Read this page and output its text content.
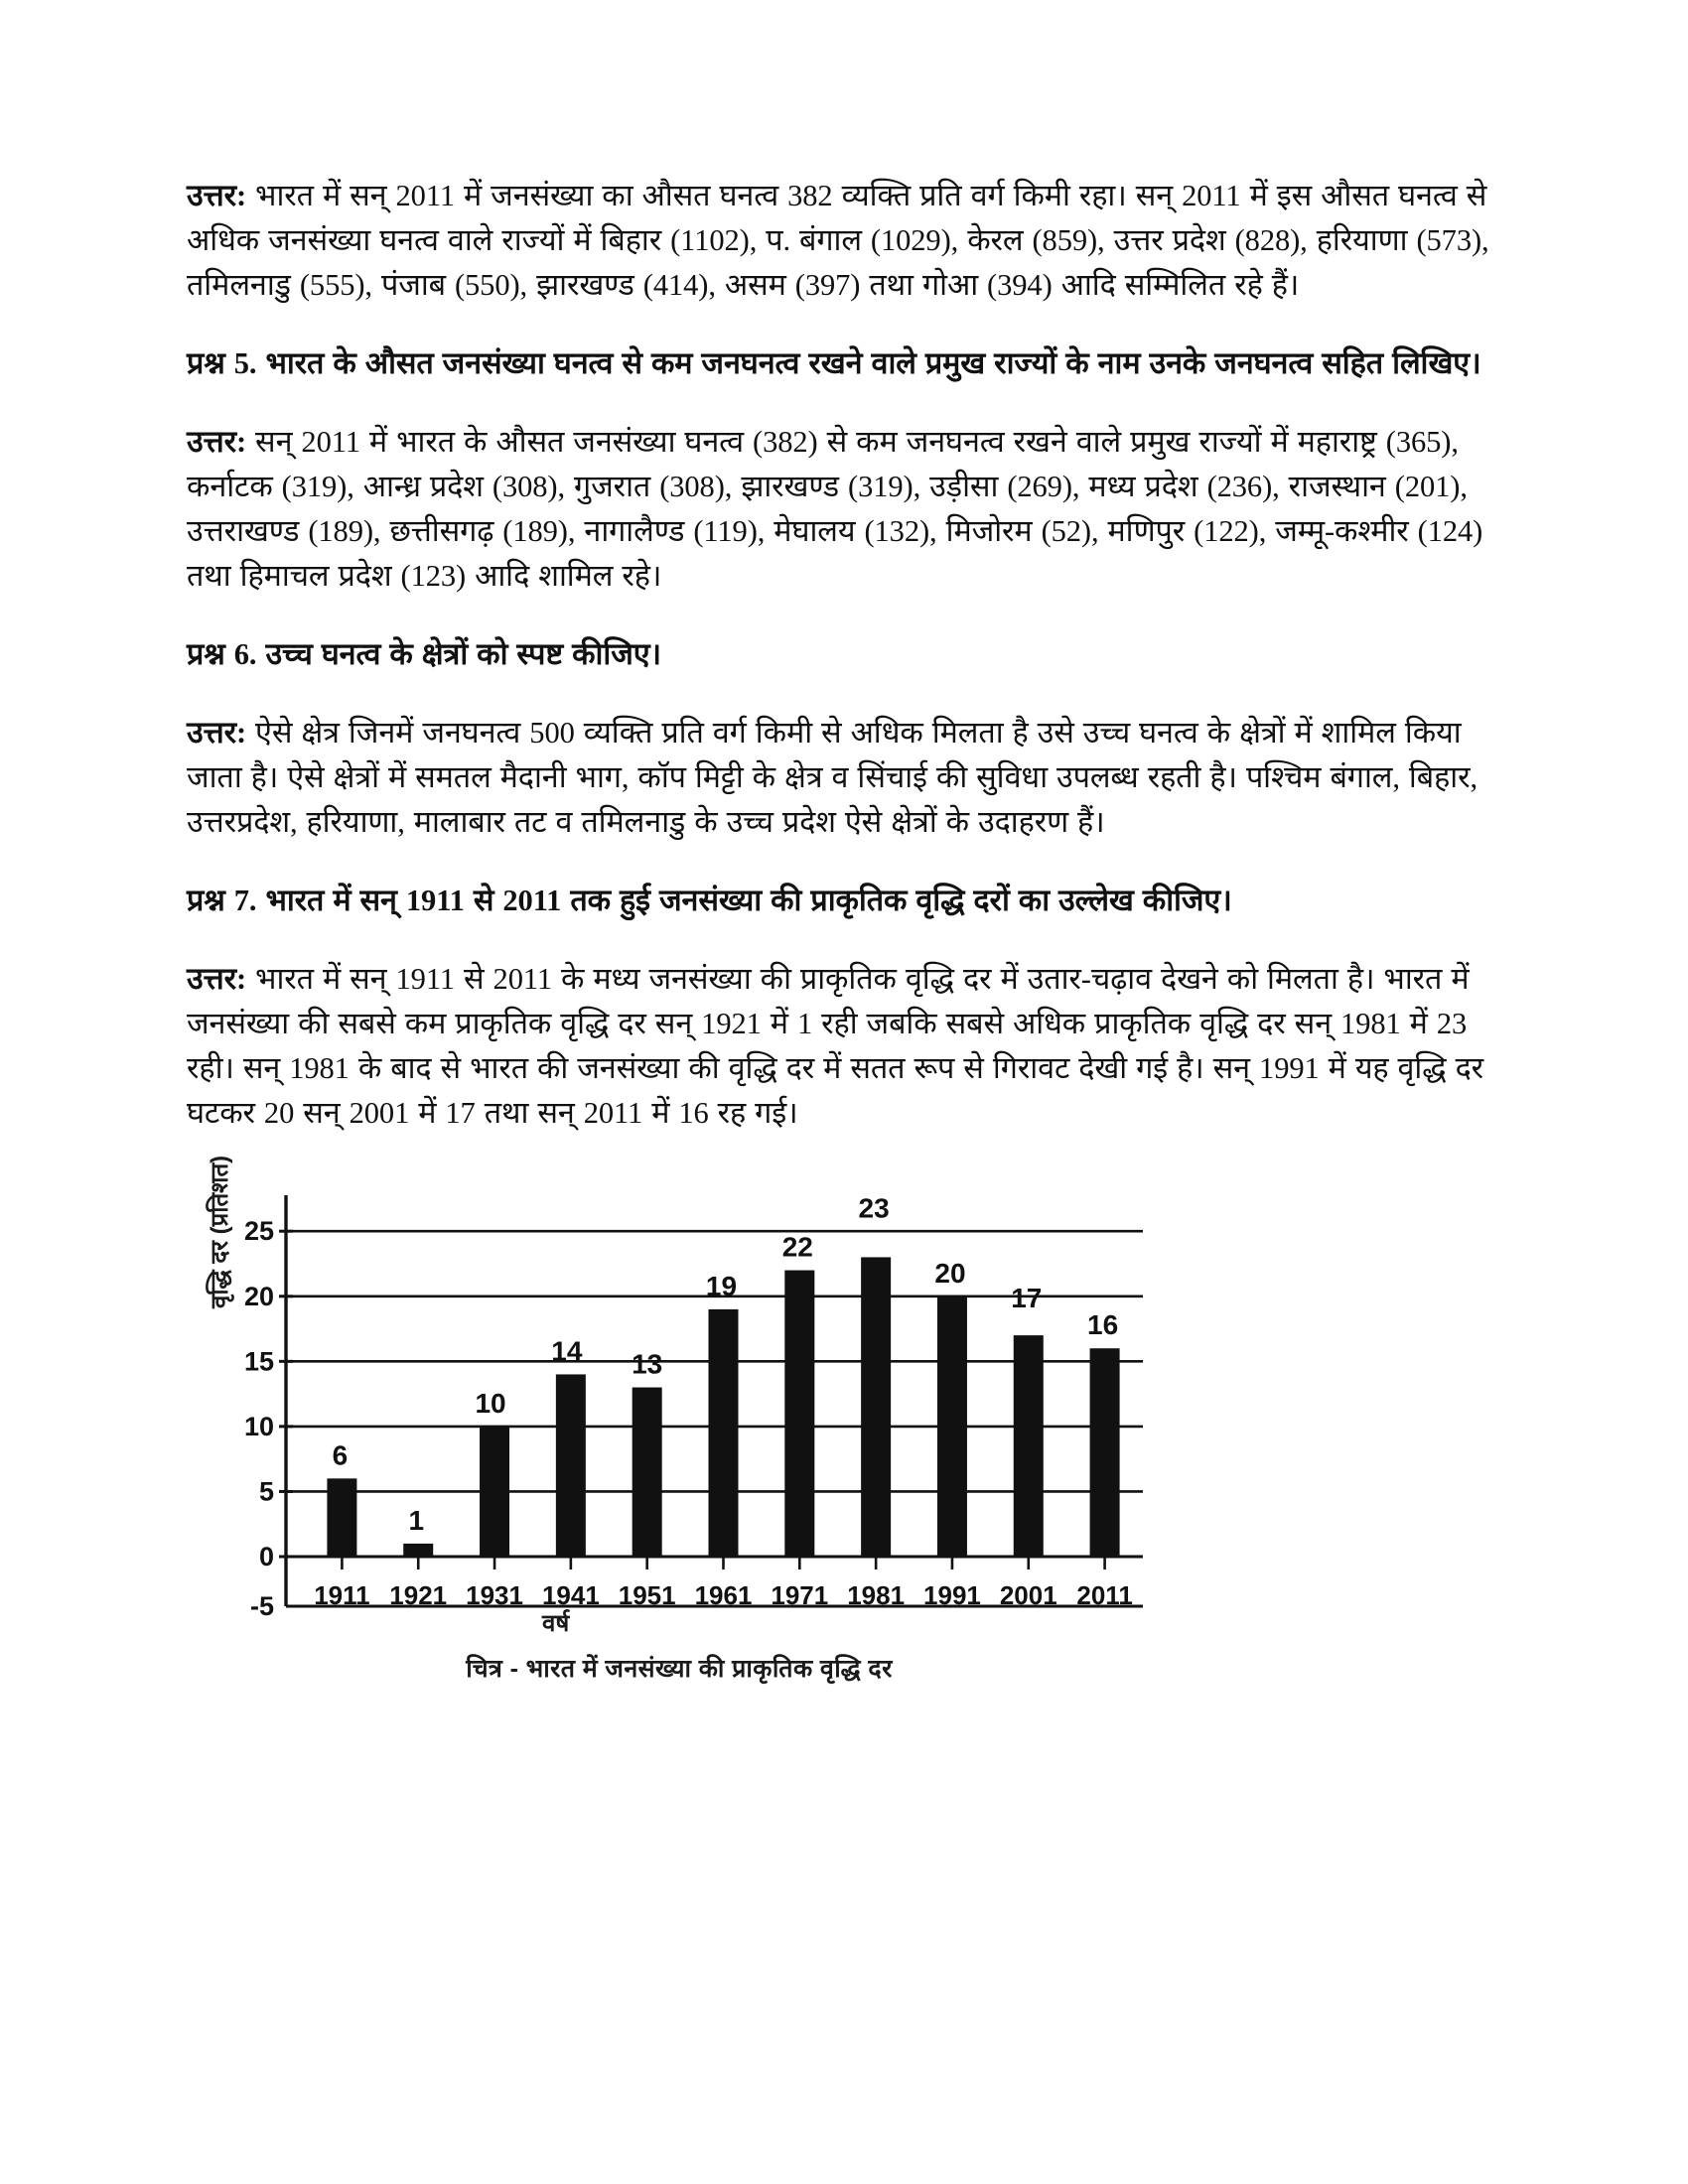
उत्तर: भारत में सन् 2011 में जनसंख्या का औसत घनत्व 382 व्यक्ति प्रति वर्ग किमी रहा। सन् 2011 में इस औसत घनत्व से अधिक जनसंख्या घनत्व वाले राज्यों में बिहार (1102), प. बंगाल (1029), केरल (859), उत्तर प्रदेश (828), हरियाणा (573), तमिलनाडु (555), पंजाब (550), झारखण्ड (414), असम (397) तथा गोआ (394) आदि सम्मिलित रहे हैं।

प्रश्न 5. भारत के औसत जनसंख्या घनत्व से कम जनघनत्व रखने वाले प्रमुख राज्यों के नाम उनके जनघनत्व सहित लिखिए।

उत्तर: सन् 2011 में भारत के औसत जनसंख्या घनत्व (382) से कम जनघनत्व रखने वाले प्रमुख राज्यों में महाराष्ट्र (365), कर्नाटक (319), आन्ध्र प्रदेश (308), गुजरात (308), झारखण्ड (319), उड़ीसा (269), मध्य प्रदेश (236), राजस्थान (201), उत्तराखण्ड (189), छत्तीसगढ़ (189), नागालैण्ड (119), मेघालय (132), मिजोरम (52), मणिपुर (122), जम्मू-कश्मीर (124) तथा हिमाचल प्रदेश (123) आदि शामिल रहे।

प्रश्न 6. उच्च घनत्व के क्षेत्रों को स्पष्ट कीजिए।

उत्तर: ऐसे क्षेत्र जिनमें जनघनत्व 500 व्यक्ति प्रति वर्ग किमी से अधिक मिलता है उसे उच्च घनत्व के क्षेत्रों में शामिल किया जाता है। ऐसे क्षेत्रों में समतल मैदानी भाग, कॉप मिट्टी के क्षेत्र व सिंचाई की सुविधा उपलब्ध रहती है। पश्चिम बंगाल, बिहार, उत्तरप्रदेश, हरियाणा, मालाबार तट व तमिलनाडु के उच्च प्रदेश ऐसे क्षेत्रों के उदाहरण हैं।

प्रश्न 7. भारत में सन् 1911 से 2011 तक हुई जनसंख्या की प्राकृतिक वृद्धि दरों का उल्लेख कीजिए।

उत्तर: भारत में सन् 1911 से 2011 के मध्य जनसंख्या की प्राकृतिक वृद्धि दर में उतार-चढ़ाव देखने को मिलता है। भारत में जनसंख्या की सबसे कम प्राकृतिक वृद्धि दर सन् 1921 में 1 रही जबकि सबसे अधिक प्राकृतिक वृद्धि दर सन् 1981 में 23 रही। सन् 1981 के बाद से भारत की जनसंख्या की वृद्धि दर में सतत रूप से गिरावट देखी गई है। सन् 1991 में यह वृद्धि दर घटकर 20 सन् 2001 में 17 तथा सन् 2011 में 16 रह गई।

-5
0
5
10
15
20
25
1911 1921 1931 1941 1951 1961 1971 1981 1991 2001 2011
6
1
10
14 13
19
22
23
20
17
16
वृद्धि दर (प्रतिशत)
वर्ष
चित्र - भारत में जनसंख्या की प्राकृतिक वृद्धि दर
